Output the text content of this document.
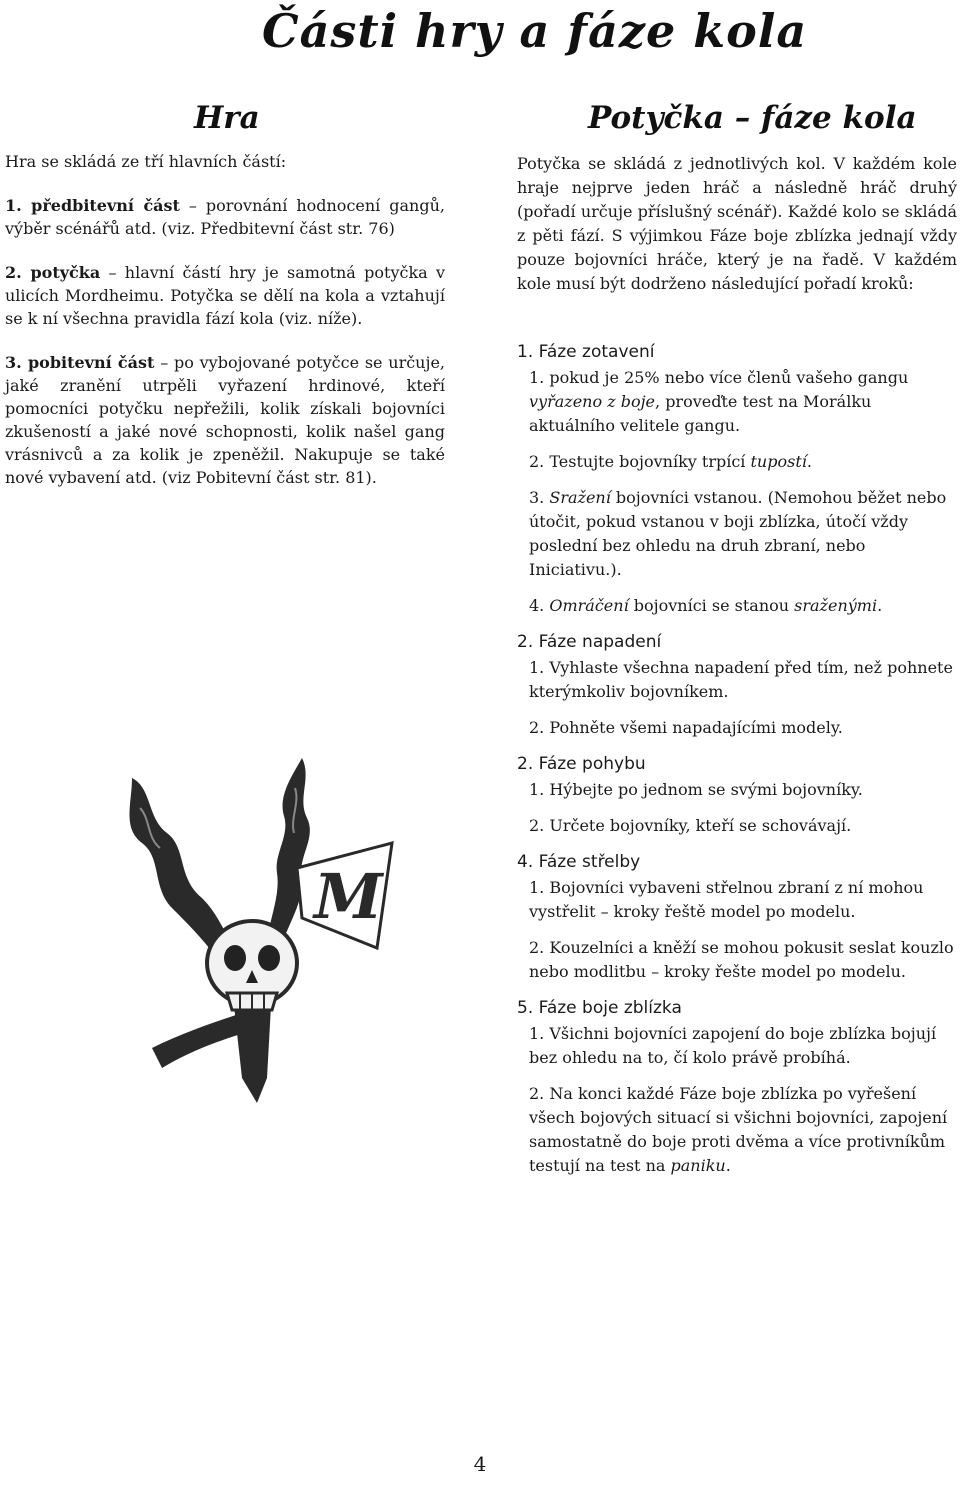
Části hry a fáze kola
Hra	Potyčka – fáze kola

Hra se skládá ze tří hlavních částí:

1. předbitevní část – porovnání hodnocení gangů, výběr scénářů atd. (viz. Předbitevní část str. 76)

2. potyčka – hlavní částí hry je samotná potyčka v ulicích Mordheimu. Potyčka se dělí na kola a vztahují se k ní všechna pravidla fází kola (viz. níže).

3. pobitevní část – po vybojované potyčce se určuje, jaké zranění utrpěli vyřazení hrdinové, kteří pomocníci potyčku nepřežili, kolik získali bojovníci zkušeností a jaké nové schopnosti, kolik našel gang vrásnivců a za kolik je zpeněžil. Nakupuje se také nové vybavení atd. (viz Pobitevní část str. 81).

M
Potyčka se skládá z jednotlivých kol. V každém kole hraje nejprve jeden hráč a následně hráč druhý (pořadí určuje příslušný scénář). Každé kolo se skládá z pěti fází. S výjimkou Fáze boje zblízka jednají vždy pouze bojovníci hráče, který je na řadě. V každém kole musí být dodrženo následující pořadí kroků:
1. Fáze zotavení
1. pokud je 25% nebo více členů vašeho gangu vyřazeno z boje, proveďte test na Morálku aktuálního velitele gangu.
2. Testujte bojovníky trpící tupostí.
3. Sražení bojovníci vstanou. (Nemohou běžet nebo útočit, pokud vstanou v boji zblízka, útočí vždy poslední bez ohledu na druh zbraní, nebo Iniciativu.).
4. Omráčení bojovníci se stanou sraženými.
2. Fáze napadení
1. Vyhlaste všechna napadení před tím, než pohnete kterýmkoliv bojovníkem.
2. Pohněte všemi napadajícími modely.
2. Fáze pohybu
1. Hýbejte po jednom se svými bojovníky.
2. Určete bojovníky, kteří se schovávají.
4. Fáze střelby
1. Bojovníci vybaveni střelnou zbraní z ní mohou vystřelit – kroky řeště model po modelu.
2. Kouzelníci a kněží se mohou pokusit seslat kouzlo nebo modlitbu – kroky řešte model po modelu.
5. Fáze boje zblízka
1. Všichni bojovníci zapojení do boje zblízka bojují bez ohledu na to, čí kolo právě probíhá.
2. Na konci každé Fáze boje zblízka po vyřešení všech bojových situací si všichni bojovníci, zapojení samostatně do boje proti dvěma a více protivníkům testují na test na paniku.
4
